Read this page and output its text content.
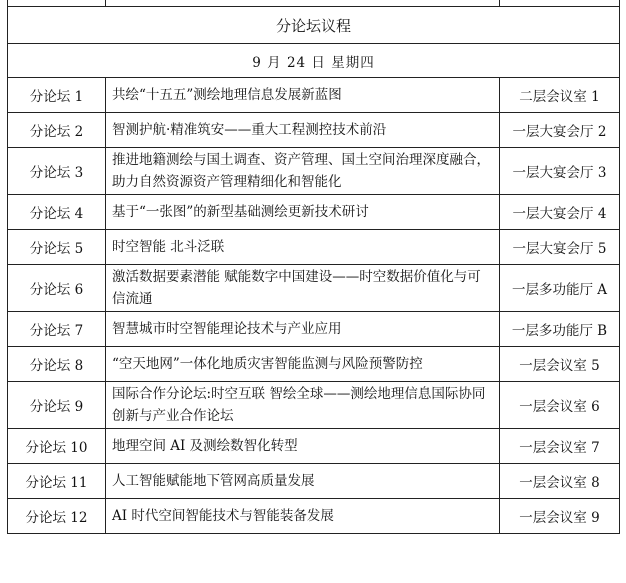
分论坛议程		
9 月 24 日 星期四		
分论坛 1	共绘“十五五”测绘地理信息发展新蓝图	二层会议室 1
分论坛 2	智测护航·精准筑安——重大工程测控技术前沿	一层大宴会厅 2
分论坛 3	推进地籍测绘与国土调查、资产管理、国土空间治理深度融合，助力自然资源资产管理精细化和智能化	一层大宴会厅 3
分论坛 4	基于“一张图”的新型基础测绘更新技术研讨	一层大宴会厅 4
分论坛 5	时空智能 北斗泛联	一层大宴会厅 5
分论坛 6	激活数据要素潜能 赋能数字中国建设——时空数据价值化与可信流通	一层多功能厅 A
分论坛 7	智慧城市时空智能理论技术与产业应用	一层多功能厅 B
分论坛 8	“空天地网”一体化地质灾害智能监测与风险预警防控	一层会议室 5
分论坛 9	国际合作分论坛:时空互联 智绘全球——测绘地理信息国际协同创新与产业合作论坛	一层会议室 6
分论坛 10	地理空间 AI 及测绘数智化转型	一层会议室 7
分论坛 11	人工智能赋能地下管网高质量发展	一层会议室 8
分论坛 12	AI 时代空间智能技术与智能装备发展	一层会议室 9
